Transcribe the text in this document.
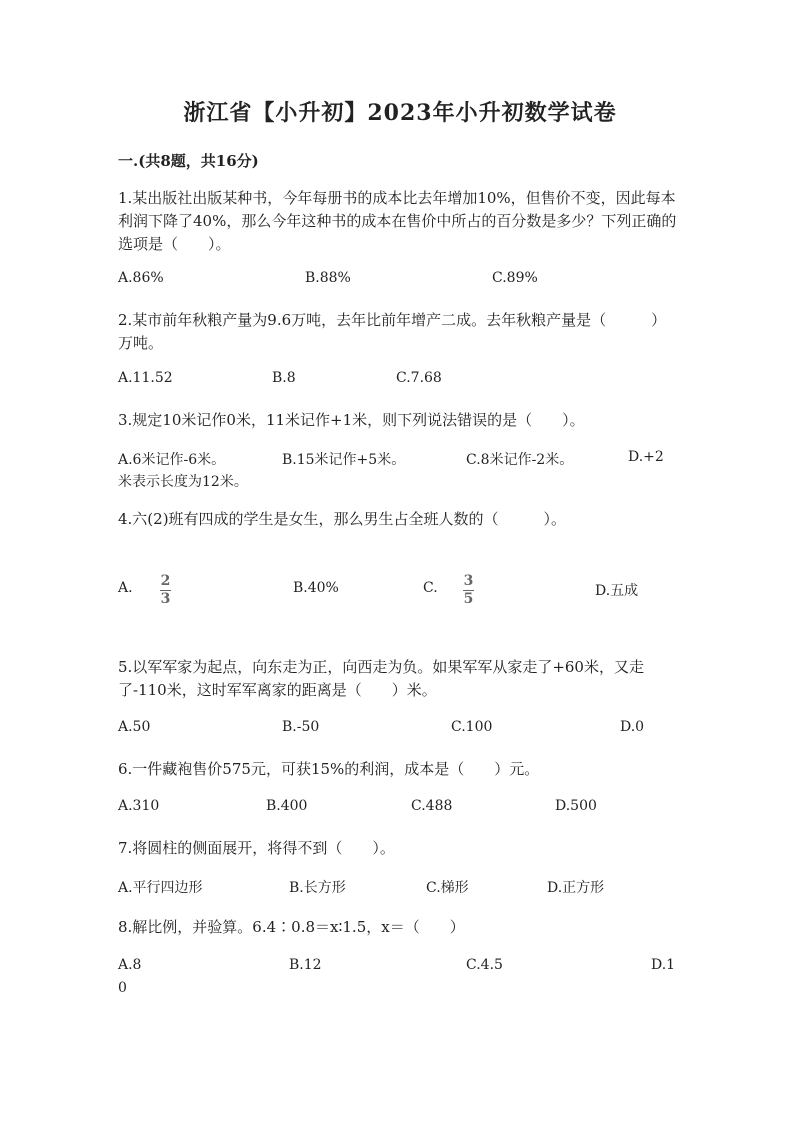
浙江省【小升初】2023年小升初数学试卷
一.(共8题，共16分)
1.某出版社出版某种书，今年每册书的成本比去年增加10%，但售价不变，因此每本利润下降了40%，那么今年这种书的成本在售价中所占的百分数是多少？下列正确的选项是（　　）。
A.86%	B.88%	C.89%
2.某市前年秋粮产量为9.6万吨，去年比前年增产二成。去年秋粮产量是（　　　）万吨。
A.11.52	B.8	C.7.68
3.规定10米记作0米，11米记作+1米，则下列说法错误的是（　　）。
A.6米记作-6米。	B.15米记作+5米。	C.8米记作-2米。	D.+2
米表示长度为12米。
4.六(2)班有四成的学生是女生，那么男生占全班人数的（　　　）。
A. 2
3
B.40%	C. 3
5	D.五成
5.以军军家为起点，向东走为正，向西走为负。如果军军从家走了+60米，又走了-110米，这时军军离家的距离是（　　）米。
A.50	B.-50	C.100	D.0
6.一件藏袍售价575元，可获15%的利润，成本是（　　）元。
A.310	B.400	C.488	D.500
7.将圆柱的侧面展开，将得不到（　　）。
A.平行四边形	B.长方形	C.梯形	D.正方形
8.解比例，并验算。6.4∶0.8＝x∶1.5，x＝（　　）
A.8	B.12	C.4.5	D.1
0
